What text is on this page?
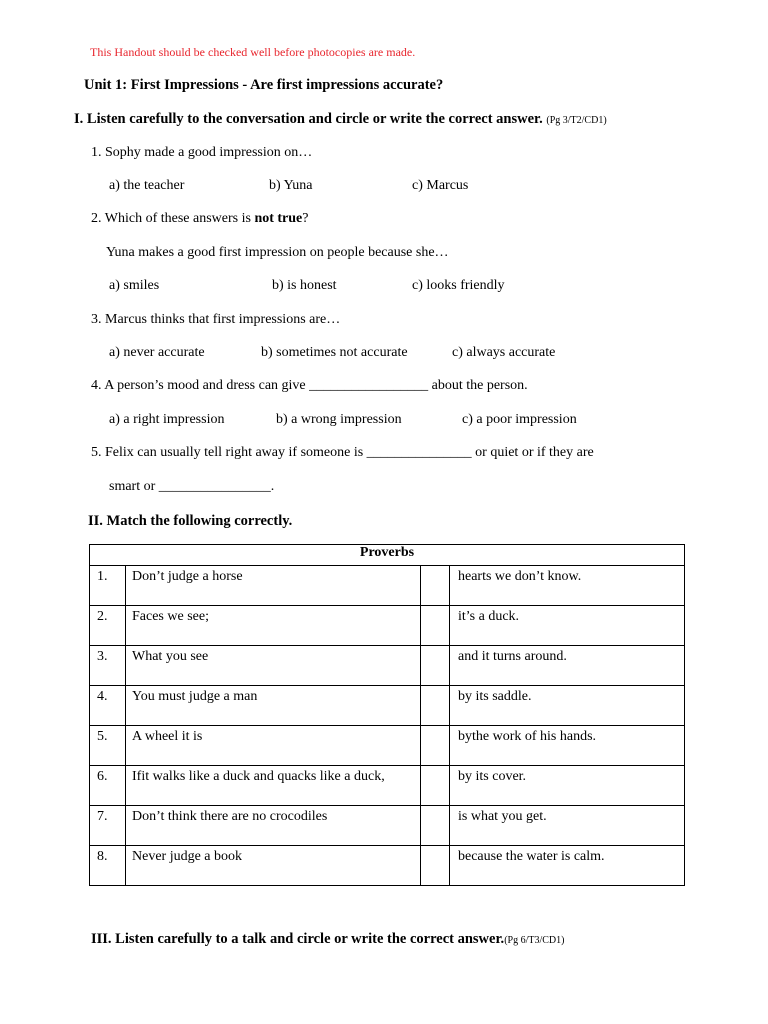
This Handout should be checked well before photocopies are made.
Unit 1: First Impressions - Are first impressions accurate?
I. Listen carefully to the conversation and circle or write the correct answer. (Pg 3/T2/CD1)
1. Sophy made a good impression on…
a) the teacher	b) Yuna	c) Marcus
2. Which of these answers is not true?
Yuna makes a good first impression on people because she…
a) smiles	b) is honest	c) looks friendly
3. Marcus thinks that first impressions are…
a) never accurate	b) sometimes not accurate	c) always accurate
4. A person’s mood and dress can give _________________ about the person.
a) a right impression	b) a wrong impression	c) a poor impression
5. Felix can usually tell right away if someone is _______________ or quiet or if they are
smart or ________________.
II. Match the following correctly.
Proverbs			
1.	Don’t judge a horse		hearts we don’t know.
2.	Faces we see;		it’s a duck.
3.	What you see		and it turns around.
4.	You must judge a man		by its saddle.
5.	A wheel it is		bythe work of his hands.
6.	Ifit walks like a duck and quacks like a duck,		by its cover.
7.	Don’t think there are no crocodiles		is what you get.
8.	Never judge a book		because the water is calm.
III. Listen carefully to a talk and circle or write the correct answer.(Pg 6/T3/CD1)
